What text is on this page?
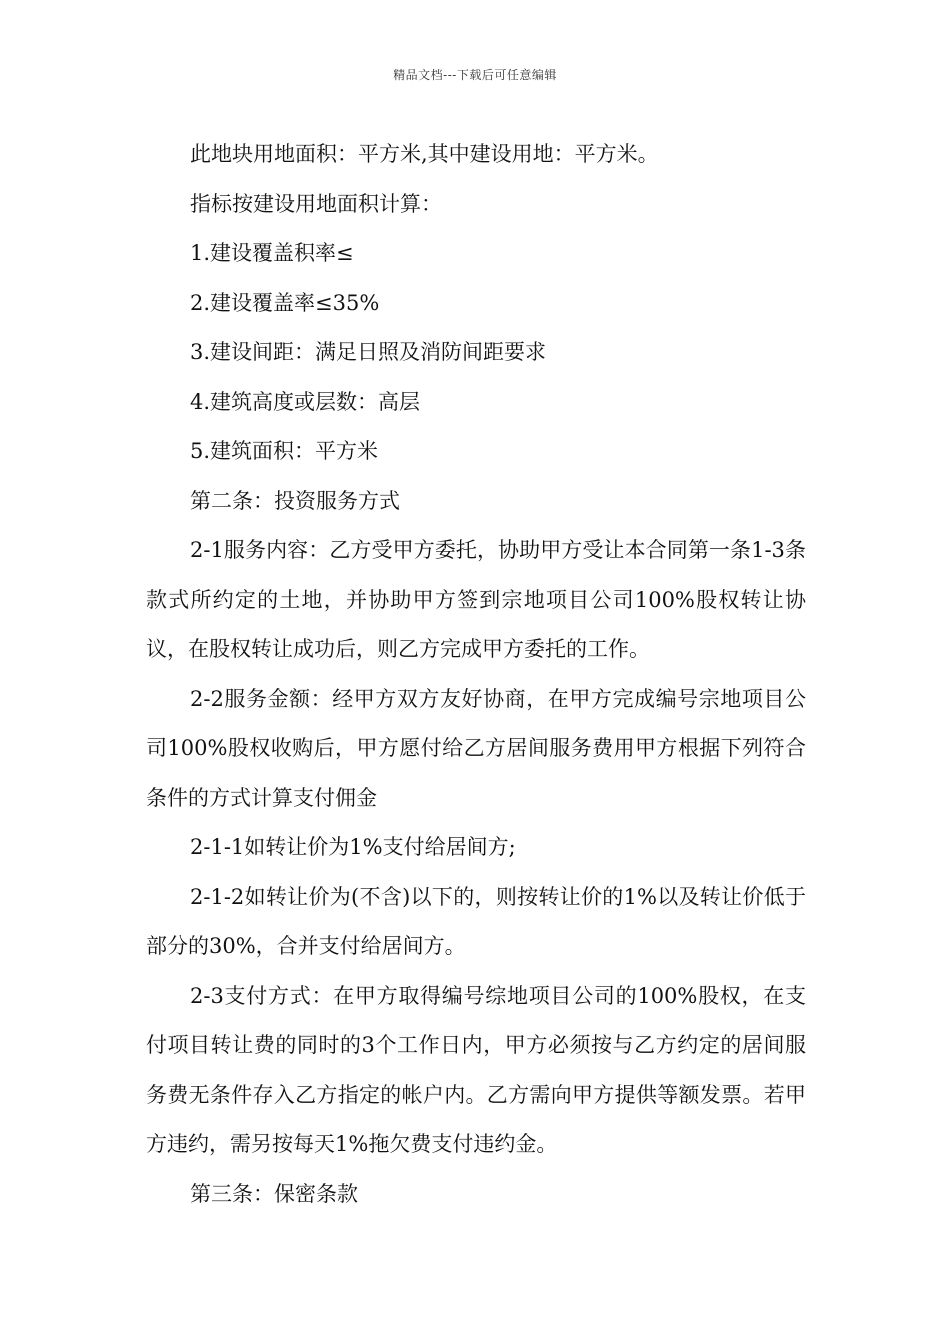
精品文档---下载后可任意编辑

此地块用地面积：平方米,其中建设用地：平方米。

指标按建设用地面积计算：

1.建设覆盖积率≤

2.建设覆盖率≤35%

3.建设间距：满足日照及消防间距要求

4.建筑高度或层数：高层

5.建筑面积：平方米

第二条：投资服务方式

2-1服务内容：乙方受甲方委托，协助甲方受让本合同第一条1-3条款式所约定的土地，并协助甲方签到宗地项目公司100%股权转让协议，在股权转让成功后，则乙方完成甲方委托的工作。

2-2服务金额：经甲方双方友好协商，在甲方完成编号宗地项目公司100%股权收购后，甲方愿付给乙方居间服务费用甲方根据下列符合条件的方式计算支付佣金

2-1-1如转让价为1%支付给居间方;

2-1-2如转让价为(不含)以下的，则按转让价的1%以及转让价低于部分的30%，合并支付给居间方。

2-3支付方式：在甲方取得编号综地项目公司的100%股权，在支付项目转让费的同时的3个工作日内，甲方必须按与乙方约定的居间服务费无条件存入乙方指定的帐户内。乙方需向甲方提供等额发票。若甲方违约，需另按每天1%拖欠费支付违约金。

第三条：保密条款
